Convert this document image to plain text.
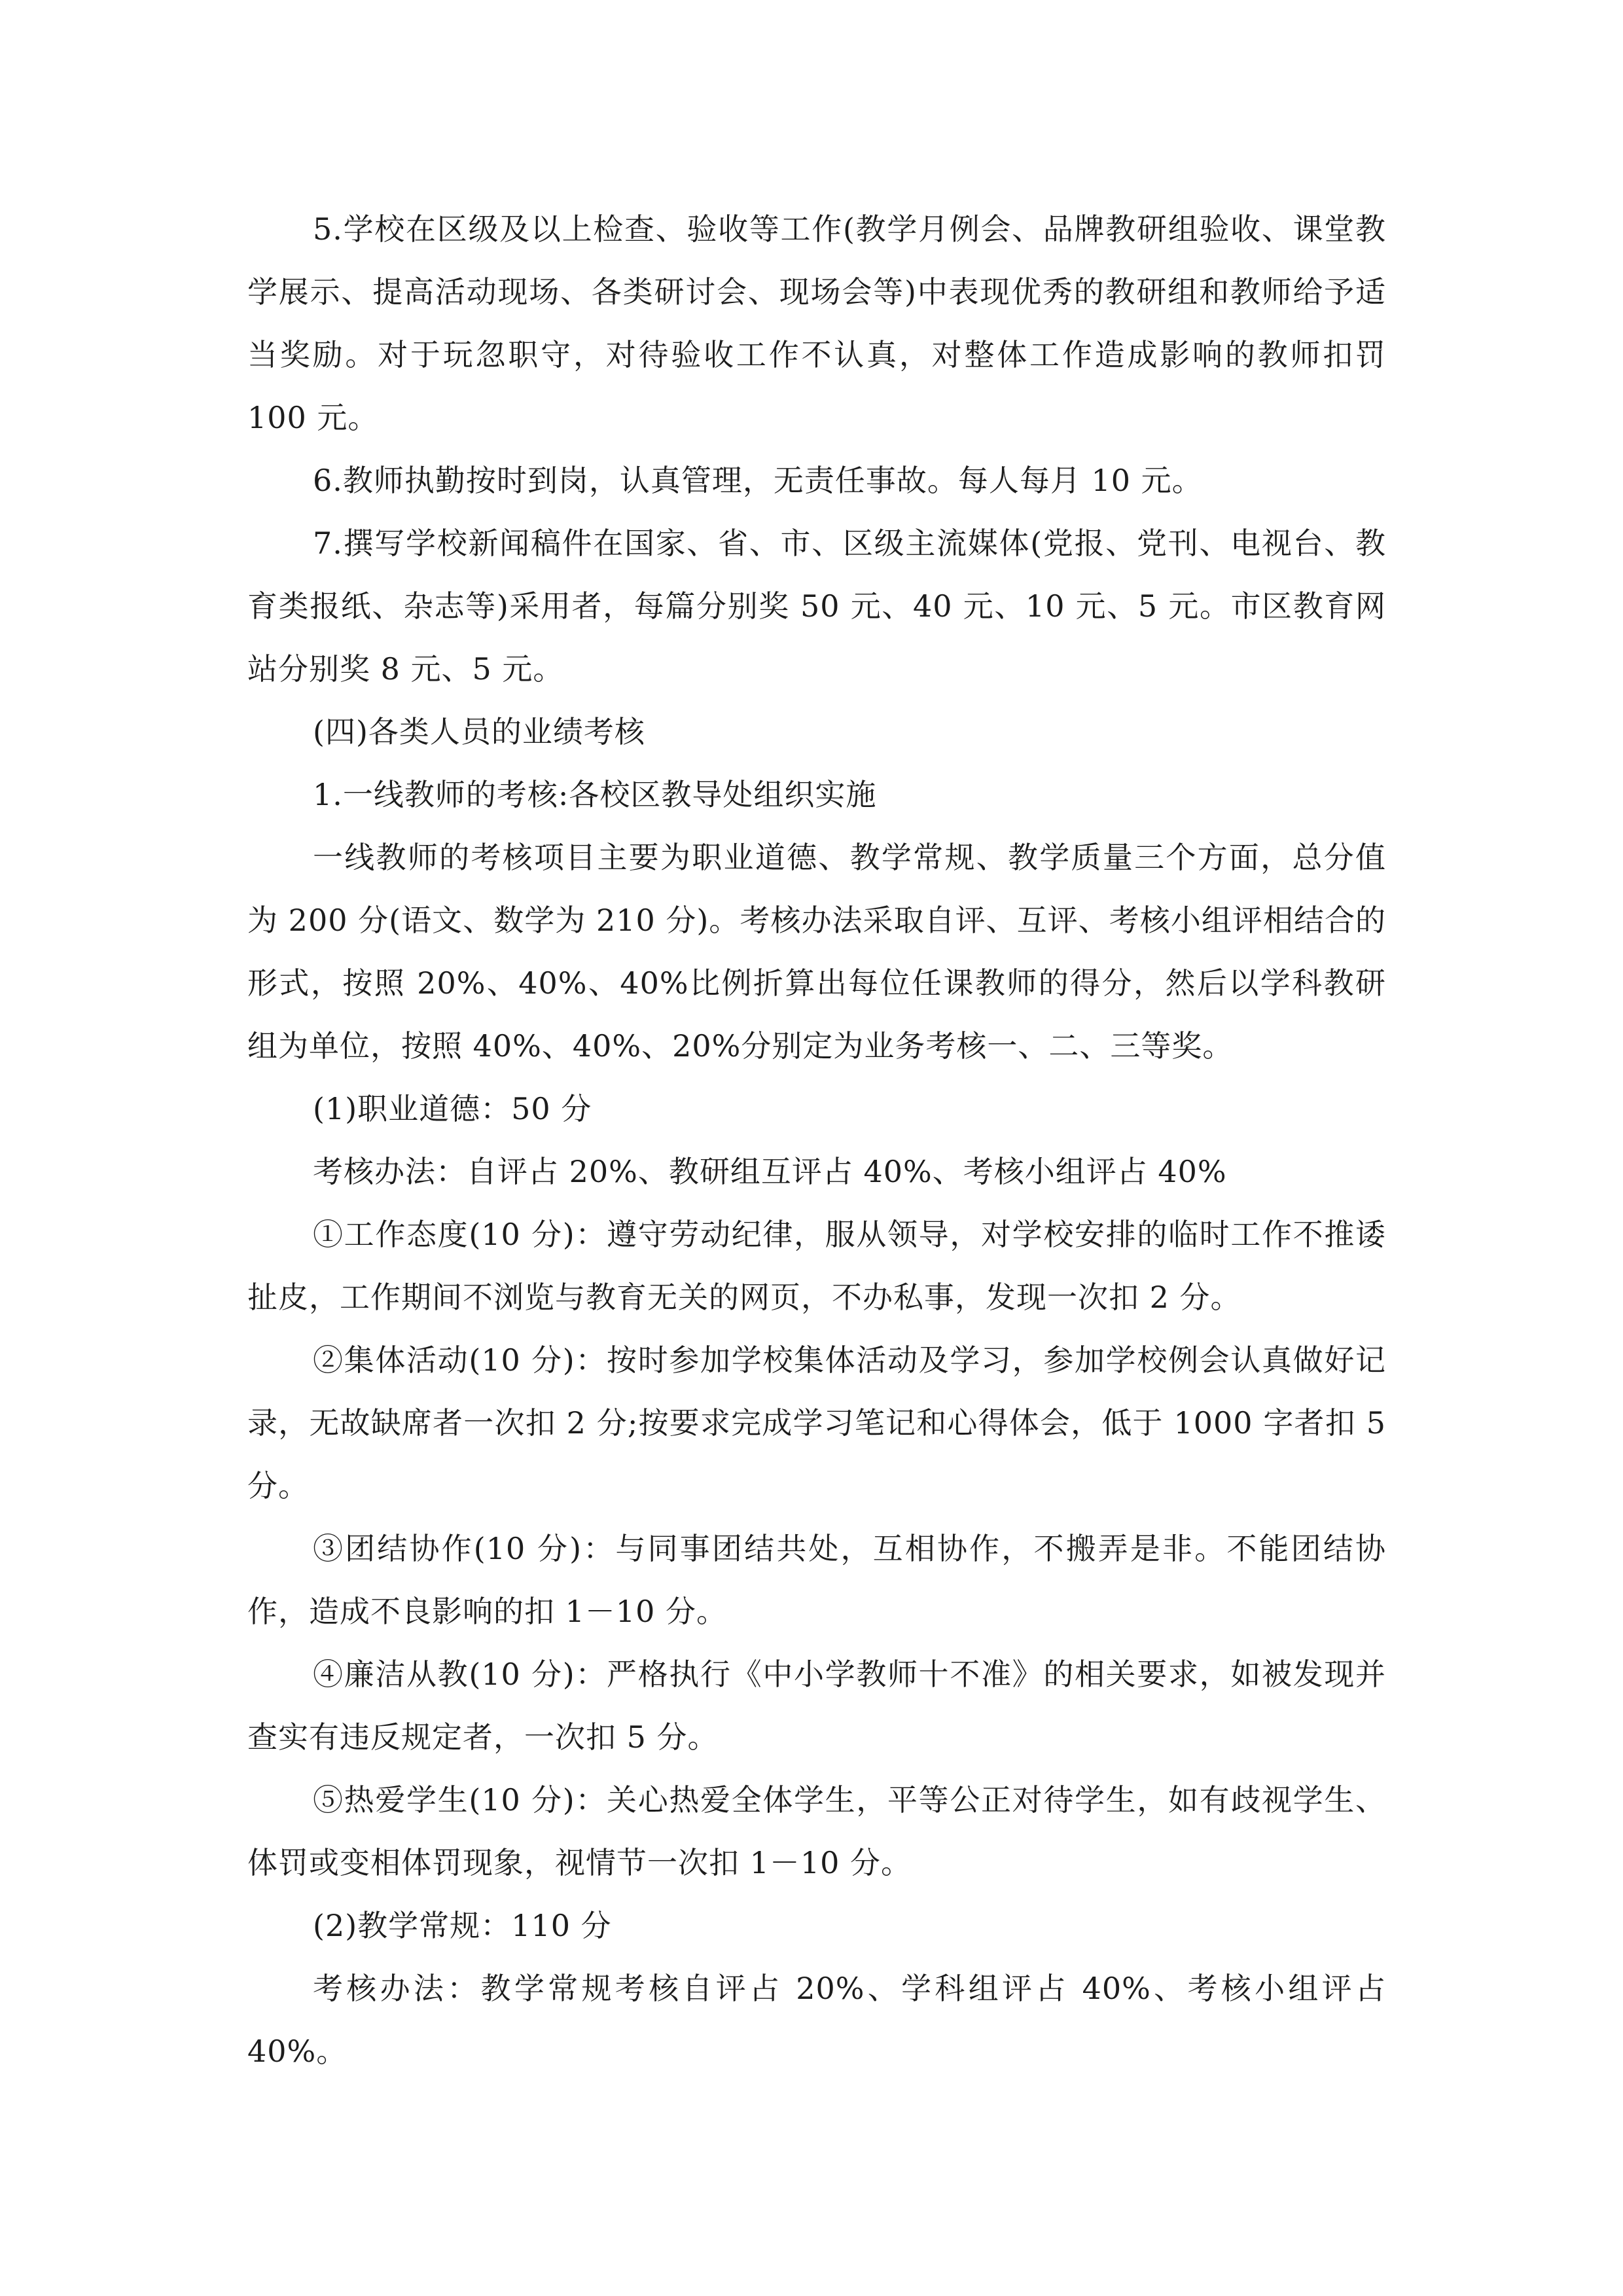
5.学校在区级及以上检查、验收等工作(教学月例会、品牌教研组验收、课堂教学展示、提高活动现场、各类研讨会、现场会等)中表现优秀的教研组和教师给予适当奖励。对于玩忽职守，对待验收工作不认真，对整体工作造成影响的教师扣罚 100 元。

6.教师执勤按时到岗，认真管理，无责任事故。每人每月 10 元。

7.撰写学校新闻稿件在国家、省、市、区级主流媒体(党报、党刊、电视台、教育类报纸、杂志等)采用者，每篇分别奖 50 元、40 元、10 元、5 元。市区教育网站分别奖 8 元、5 元。

(四)各类人员的业绩考核

1.一线教师的考核:各校区教导处组织实施

一线教师的考核项目主要为职业道德、教学常规、教学质量三个方面，总分值为 200 分(语文、数学为 210 分)。考核办法采取自评、互评、考核小组评相结合的形式，按照 20%、40%、40%比例折算出每位任课教师的得分，然后以学科教研组为单位，按照 40%、40%、20%分别定为业务考核一、二、三等奖。

(1)职业道德：50 分

考核办法：自评占 20%、教研组互评占 40%、考核小组评占 40%

①工作态度(10 分)：遵守劳动纪律，服从领导，对学校安排的临时工作不推诿扯皮，工作期间不浏览与教育无关的网页，不办私事，发现一次扣 2 分。

②集体活动(10 分)：按时参加学校集体活动及学习，参加学校例会认真做好记录，无故缺席者一次扣 2 分;按要求完成学习笔记和心得体会，低于 1000 字者扣 5 分。

③团结协作(10 分)：与同事团结共处，互相协作，不搬弄是非。不能团结协作，造成不良影响的扣 1－10 分。

④廉洁从教(10 分)：严格执行《中小学教师十不准》的相关要求，如被发现并查实有违反规定者，一次扣 5 分。

⑤热爱学生(10 分)：关心热爱全体学生，平等公正对待学生，如有歧视学生、体罚或变相体罚现象，视情节一次扣 1－10 分。

(2)教学常规：110 分

考核办法：教学常规考核自评占 20%、学科组评占 40%、考核小组评占 40%。
